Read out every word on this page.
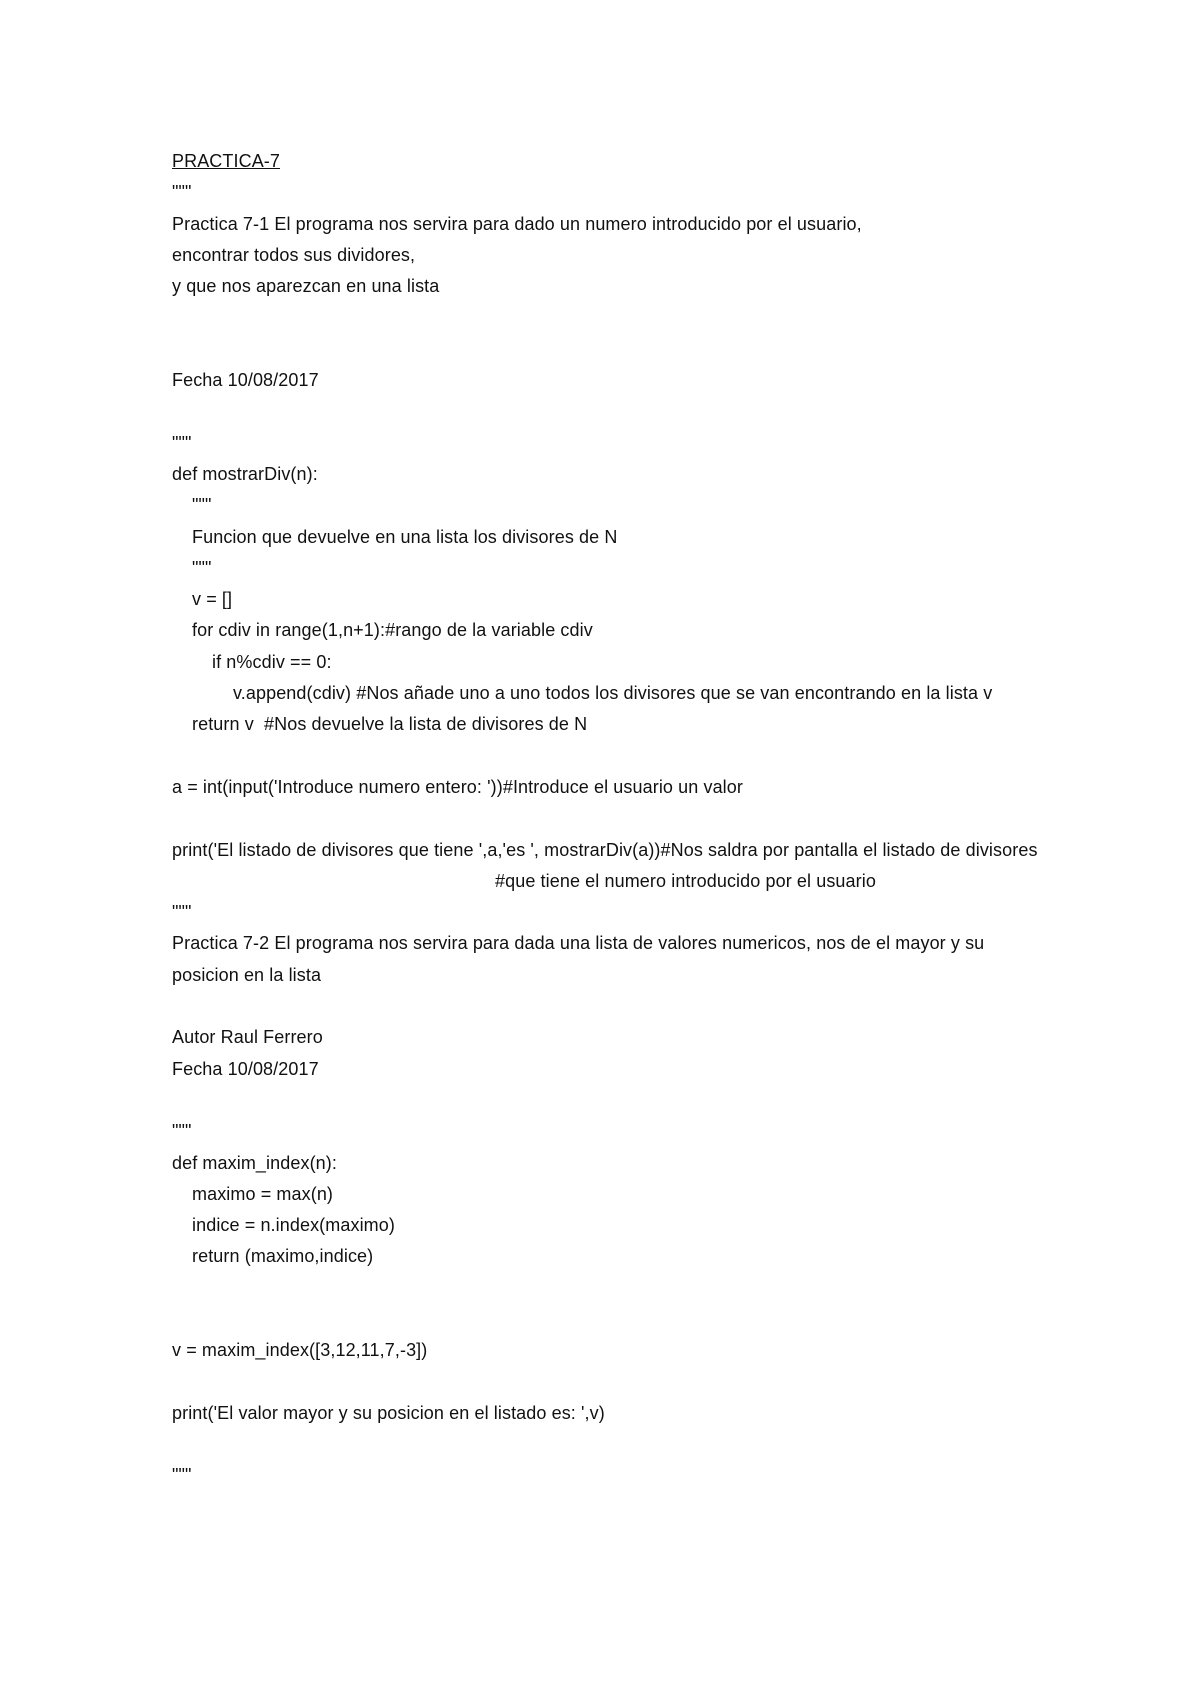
PRACTICA-7
"""
Practica 7-1 El programa nos servira para dado un numero introducido por el usuario,
encontrar todos sus dividores,
y que nos aparezcan en una lista
Fecha 10/08/2017
"""
def mostrarDiv(n):
"""
Funcion que devuelve en una lista los divisores de N
"""
v = []
for cdiv in range(1,n+1):#rango de la variable cdiv
if n%cdiv == 0:
v.append(cdiv) #Nos añade uno a uno todos los divisores que se van encontrando en la lista v
return v  #Nos devuelve la lista de divisores de N
a = int(input('Introduce numero entero: '))#Introduce el usuario un valor
print('El listado de divisores que tiene ',a,'es ', mostrarDiv(a))#Nos saldra por pantalla el listado de divisores
#que tiene el numero introducido por el usuario
"""
Practica 7-2 El programa nos servira para dada una lista de valores numericos, nos de el mayor y su posicion en la lista
Autor Raul Ferrero
Fecha 10/08/2017
"""
def maxim_index(n):
maximo = max(n)
indice = n.index(maximo)
return (maximo,indice)
v = maxim_index([3,12,11,7,-3])
print('El valor mayor y su posicion en el listado es: ',v)
"""
